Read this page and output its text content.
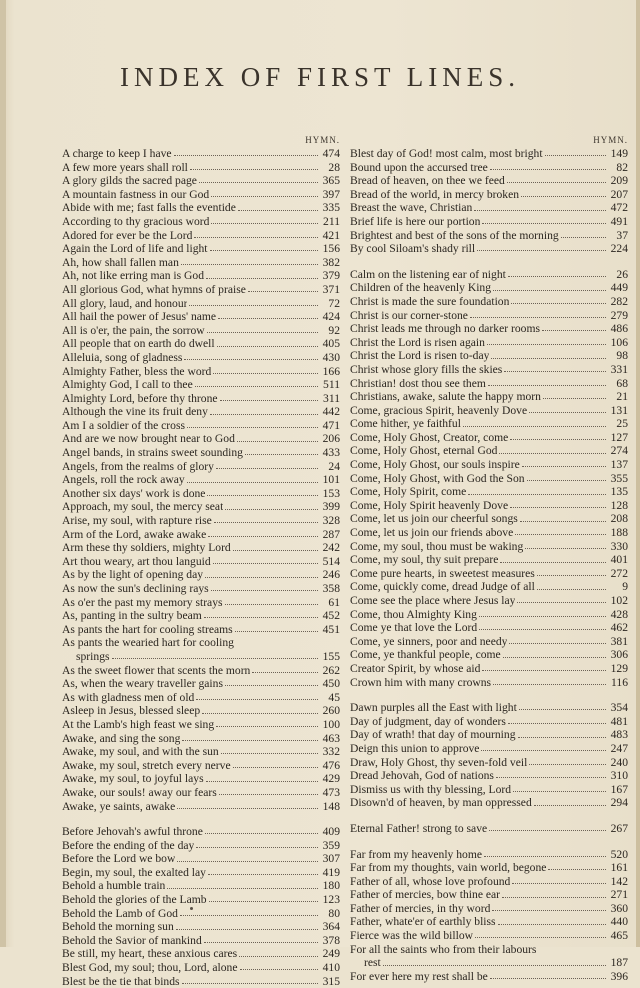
INDEX OF FIRST LINES.
HYMN.
A charge to keep I have	474
A few more years shall roll	28
A glory gilds the sacred page	365
A mountain fastness in our God	397
Abide with me; fast falls the eventide	335
According to thy gracious word	211
Adored for ever be the Lord	421
Again the Lord of life and light	156
Ah, how shall fallen man	382
Ah, not like erring man is God	379
All glorious God, what hymns of praise	371
All glory, laud, and honour	72
All hail the power of Jesus' name	424
All is o'er, the pain, the sorrow	92
All people that on earth do dwell	405
Alleluia, song of gladness	430
Almighty Father, bless the word	166
Almighty God, I call to thee	511
Almighty Lord, before thy throne	311
Although the vine its fruit deny	442
Am I a soldier of the cross	471
And are we now brought near to God	206
Angel bands, in strains sweet sounding	433
Angels, from the realms of glory	24
Angels, roll the rock away	101
Another six days' work is done	153
Approach, my soul, the mercy seat	399
Arise, my soul, with rapture rise	328
Arm of the Lord, awake awake	287
Arm these thy soldiers, mighty Lord	242
Art thou weary, art thou languid	514
As by the light of opening day	246
As now the sun's declining rays	358
As o'er the past my memory strays	61
As, panting in the sultry beam	452
As pants the hart for cooling streams	451
As pants the wearied hart for cooling
springs	155
As the sweet flower that scents the morn	262
As, when the weary traveller gains	450
As with gladness men of old	45
Asleep in Jesus, blessed sleep	260
At the Lamb's high feast we sing	100
Awake, and sing the song	463
Awake, my soul, and with the sun	332
Awake, my soul, stretch every nerve	476
Awake, my soul, to joyful lays	429
Awake, our souls! away our fears	473
Awake, ye saints, awake	148
Before Jehovah's awful throne	409
Before the ending of the day	359
Before the Lord we bow	307
Begin, my soul, the exalted lay	419
Behold a humble train	180
Behold the glories of the Lamb	123
Behold the Lamb of God	80
Behold the morning sun	364
Behold the Savior of mankind	378
Be still, my heart, these anxious cares	249
Blest God, my soul; thou, Lord, alone	410
Blest be the tie that binds	315
HYMN.
Blest day of God! most calm, most bright	149
Bound upon the accursed tree	82
Bread of heaven, on thee we feed	209
Bread of the world, in mercy broken	207
Breast the wave, Christian	472
Brief life is here our portion	491
Brightest and best of the sons of the morning	37
By cool Siloam's shady rill	224
Calm on the listening ear of night	26
Children of the heavenly King	449
Christ is made the sure foundation	282
Christ is our corner-stone	279
Christ leads me through no darker rooms	486
Christ the Lord is risen again	106
Christ the Lord is risen to-day	98
Christ whose glory fills the skies	331
Christian! dost thou see them	68
Christians, awake, salute the happy morn	21
Come, gracious Spirit, heavenly Dove	131
Come hither, ye faithful	25
Come, Holy Ghost, Creator, come	127
Come, Holy Ghost, eternal God	274
Come, Holy Ghost, our souls inspire	137
Come, Holy Ghost, with God the Son	355
Come, Holy Spirit, come	135
Come, Holy Spirit heavenly Dove	128
Come, let us join our cheerful songs	208
Come, let us join our friends above	188
Come, my soul, thou must be waking	330
Come, my soul, thy suit prepare	401
Come pure hearts, in sweetest measures	272
Come, quickly come, dread Judge of all	9
Come see the place where Jesus lay	102
Come, thou Almighty King	428
Come ye that love the Lord	462
Come, ye sinners, poor and needy	381
Come, ye thankful people, come	306
Creator Spirit, by whose aid	129
Crown him with many crowns	116
Dawn purples all the East with light	354
Day of judgment, day of wonders	481
Day of wrath! that day of mourning	483
Deign this union to approve	247
Draw, Holy Ghost, thy seven-fold veil	240
Dread Jehovah, God of nations	310
Dismiss us with thy blessing, Lord	167
Disown'd of heaven, by man oppressed	294
Eternal Father! strong to save	267
Far from my heavenly home	520
Far from my thoughts, vain world, begone	161
Father of all, whose love profound	142
Father of mercies, bow thine ear	271
Father of mercies, in thy word	360
Father, whate'er of earthly bliss	440
Fierce was the wild billow	465
For all the saints who from their labours
rest	187
For ever here my rest shall be	396
